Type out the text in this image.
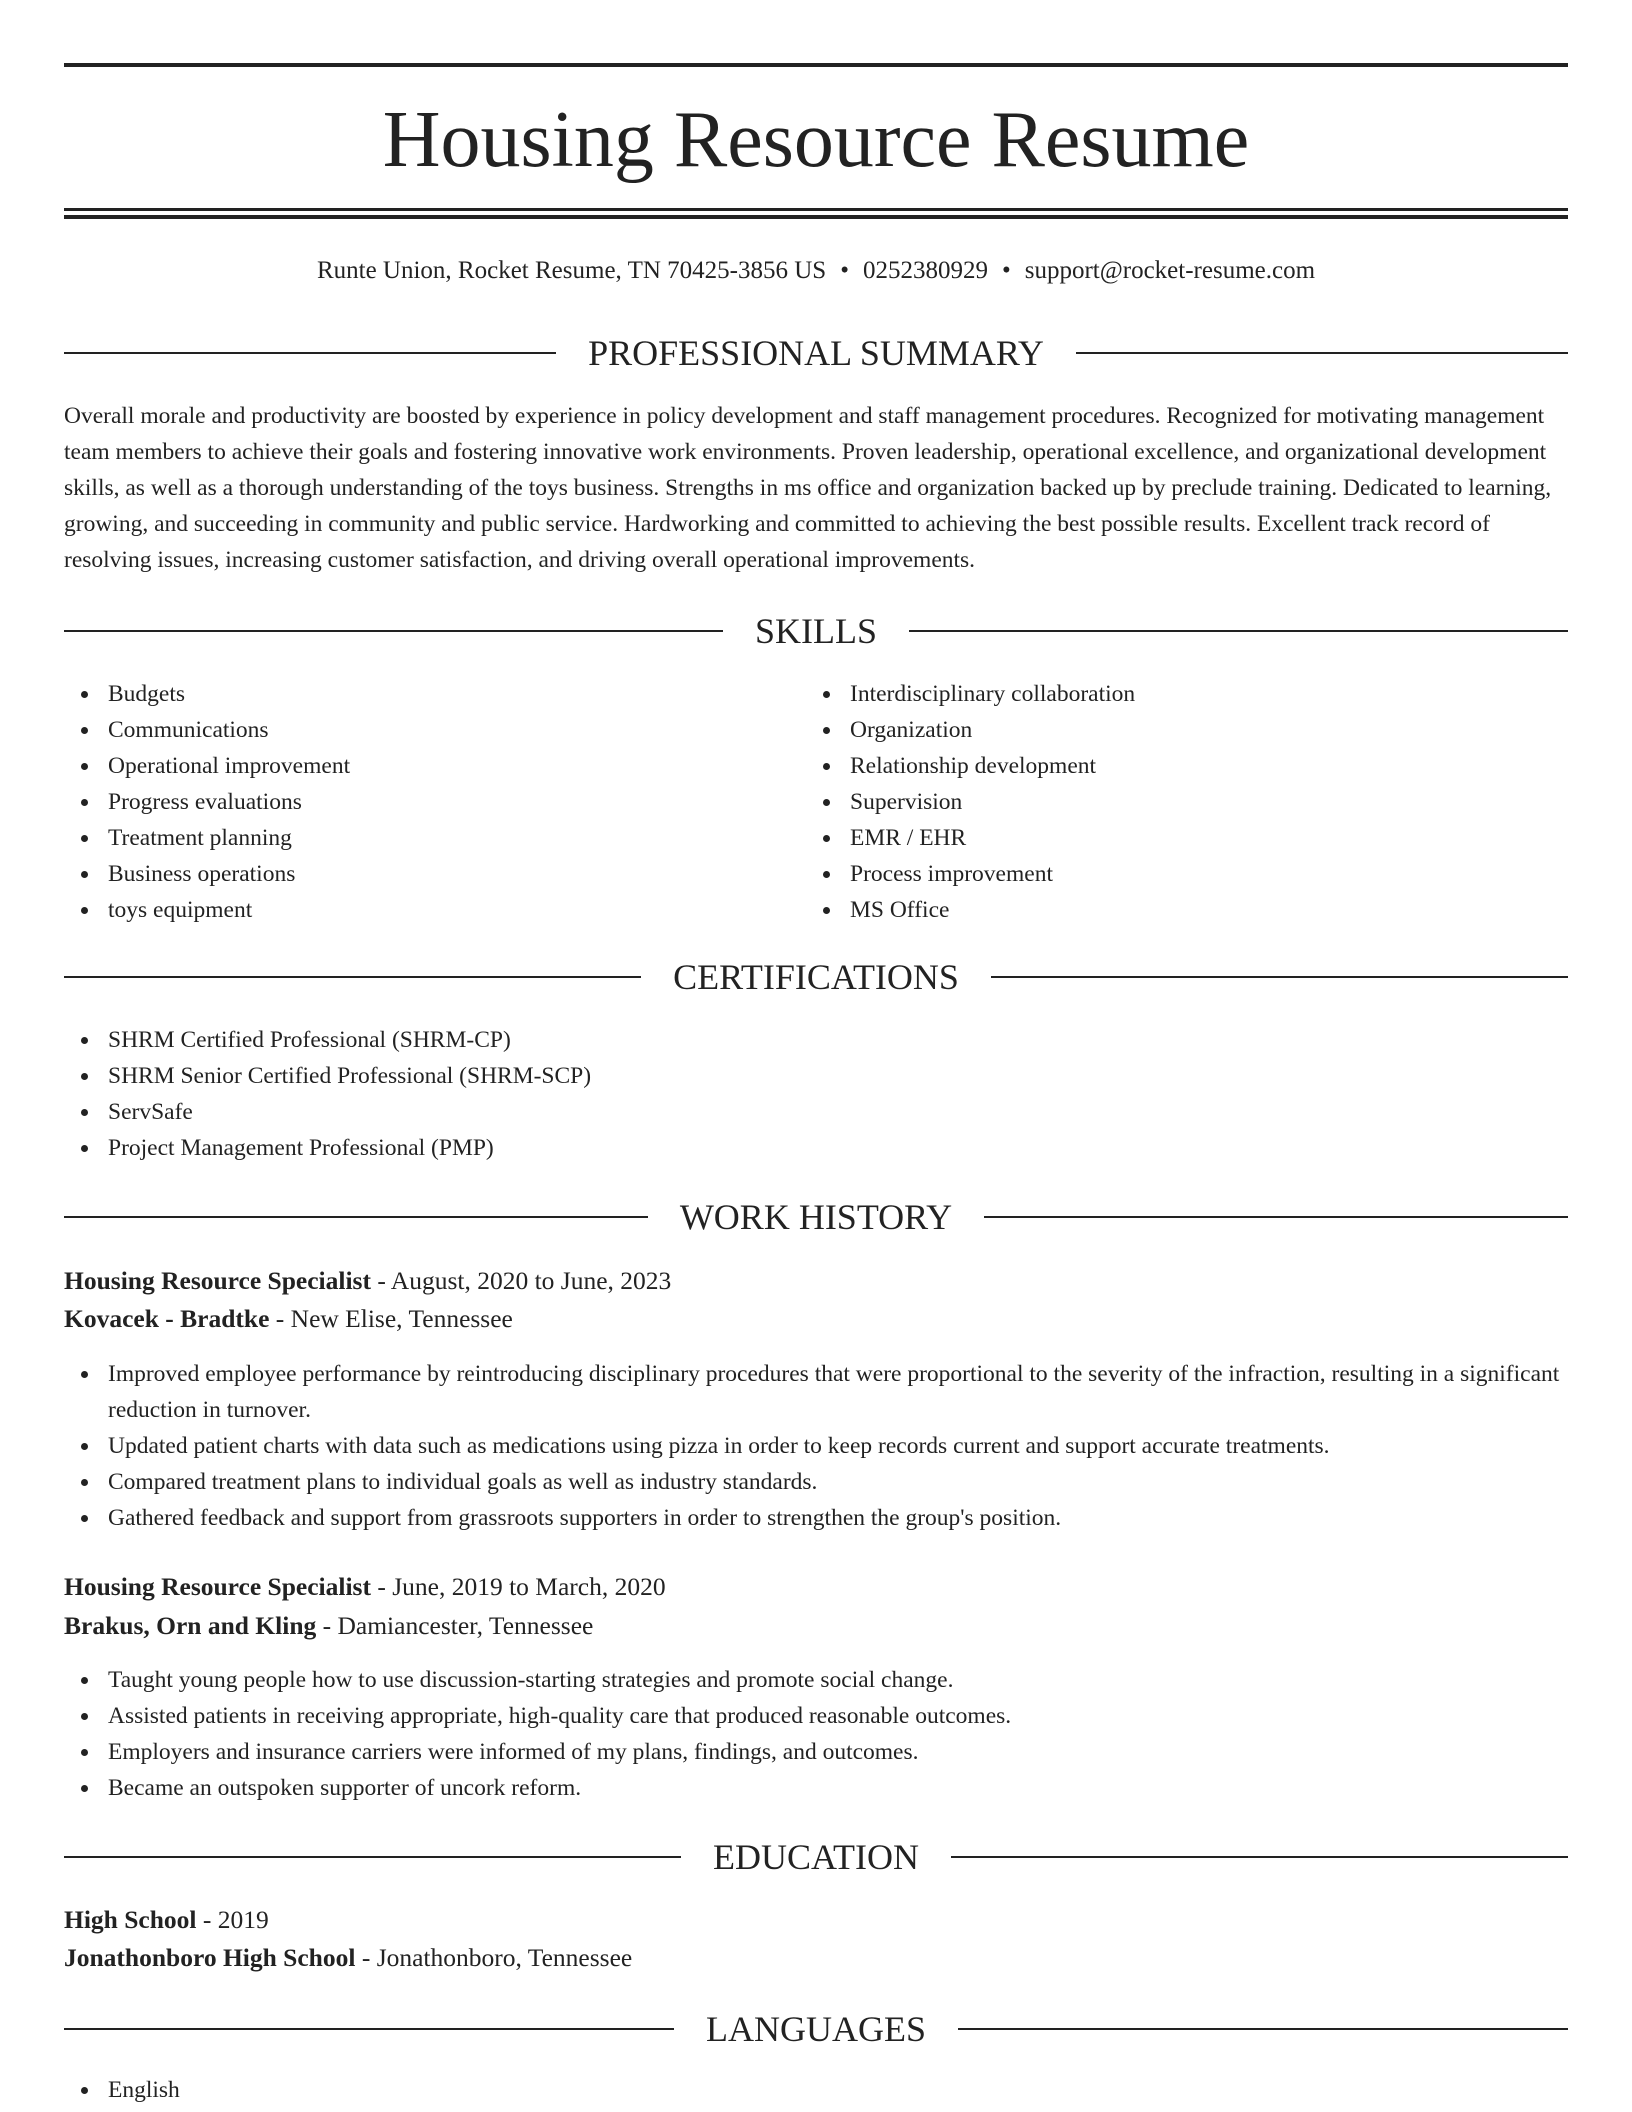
Housing Resource Resume
Runte Union, Rocket Resume, TN 70425-3856 US • 0252380929 • support@rocket-resume.com
PROFESSIONAL SUMMARY

Overall morale and productivity are boosted by experience in policy development and staff management procedures. Recognized for motivating management team members to achieve their goals and fostering innovative work environments. Proven leadership, operational excellence, and organizational development skills, as well as a thorough understanding of the toys business. Strengths in ms office and organization backed up by preclude training. Dedicated to learning, growing, and succeeding in community and public service. Hardworking and committed to achieving the best possible results. Excellent track record of resolving issues, increasing customer satisfaction, and driving overall operational improvements.

SKILLS
Budgets
Communications
Operational improvement
Progress evaluations
Treatment planning
Business operations
toys equipment
Interdisciplinary collaboration
Organization
Relationship development
Supervision
EMR / EHR
Process improvement
MS Office
CERTIFICATIONS
SHRM Certified Professional (SHRM-CP)
SHRM Senior Certified Professional (SHRM-SCP)
ServSafe
Project Management Professional (PMP)
WORK HISTORY
Housing Resource Specialist - August, 2020 to June, 2023
Kovacek - Bradtke - New Elise, Tennessee
Improved employee performance by reintroducing disciplinary procedures that were proportional to the severity of the infraction, resulting in a significant reduction in turnover.
Updated patient charts with data such as medications using pizza in order to keep records current and support accurate treatments.
Compared treatment plans to individual goals as well as industry standards.
Gathered feedback and support from grassroots supporters in order to strengthen the group's position.
Housing Resource Specialist - June, 2019 to March, 2020
Brakus, Orn and Kling - Damiancester, Tennessee
Taught young people how to use discussion-starting strategies and promote social change.
Assisted patients in receiving appropriate, high-quality care that produced reasonable outcomes.
Employers and insurance carriers were informed of my plans, findings, and outcomes.
Became an outspoken supporter of uncork reform.
EDUCATION
High School - 2019
Jonathonboro High School - Jonathonboro, Tennessee
LANGUAGES
English
